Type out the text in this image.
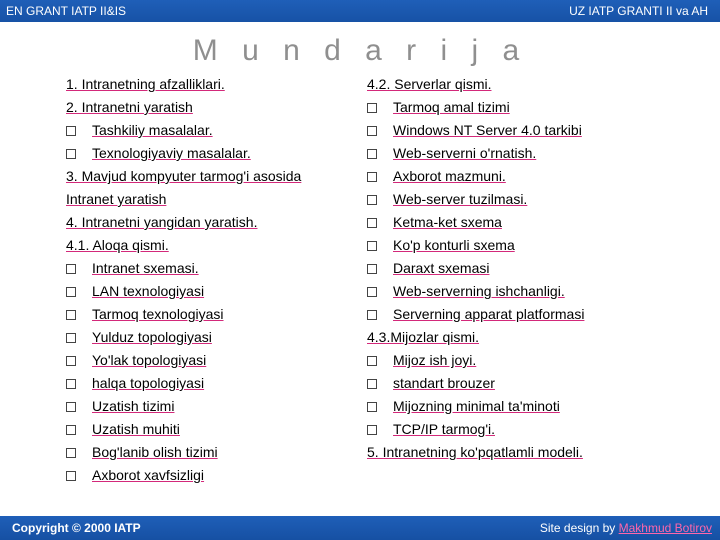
EN GRANT IATP II&IS	UZ IATP GRANTI II va AH
M u n d a r i j a
1. Intranetning afzalliklari.
2. Intranetni yaratish
Tashkiliy masalalar.
Texnologiyaviy masalalar.
3. Mavjud kompyuter tarmog'i asosida Intranet yaratish
4. Intranetni yangidan yaratish.
4.1. Aloqa qismi.
Intranet sxemasi.
LAN texnologiyasi
Tarmoq texnologiyasi
Yulduz topologiyasi
Yo'lak topologiyasi
halqa topologiyasi
Uzatish tizimi
Uzatish muhiti
Bog'lanib olish tizimi
Axborot xavfsizligi
4.2. Serverlar qismi.
Tarmoq amal tizimi
Windows NT Server 4.0 tarkibi
Web-serverni o'rnatish.
Axborot mazmuni.
Web-server tuzilmasi.
Ketma-ket sxema
Ko'p konturli sxema
Daraxt sxemasi
Web-serverning ishchanligi.
Serverning apparat platformasi
4.3.Mijozlar qismi.
Mijoz ish joyi.
standart brouzer
Mijozning minimal ta'minoti
TCP/IP tarmog'i.
5. Intranetning ko'pqatlamli modeli.
Copyright © 2000 IATP	Site design by Makhmud Botirov
